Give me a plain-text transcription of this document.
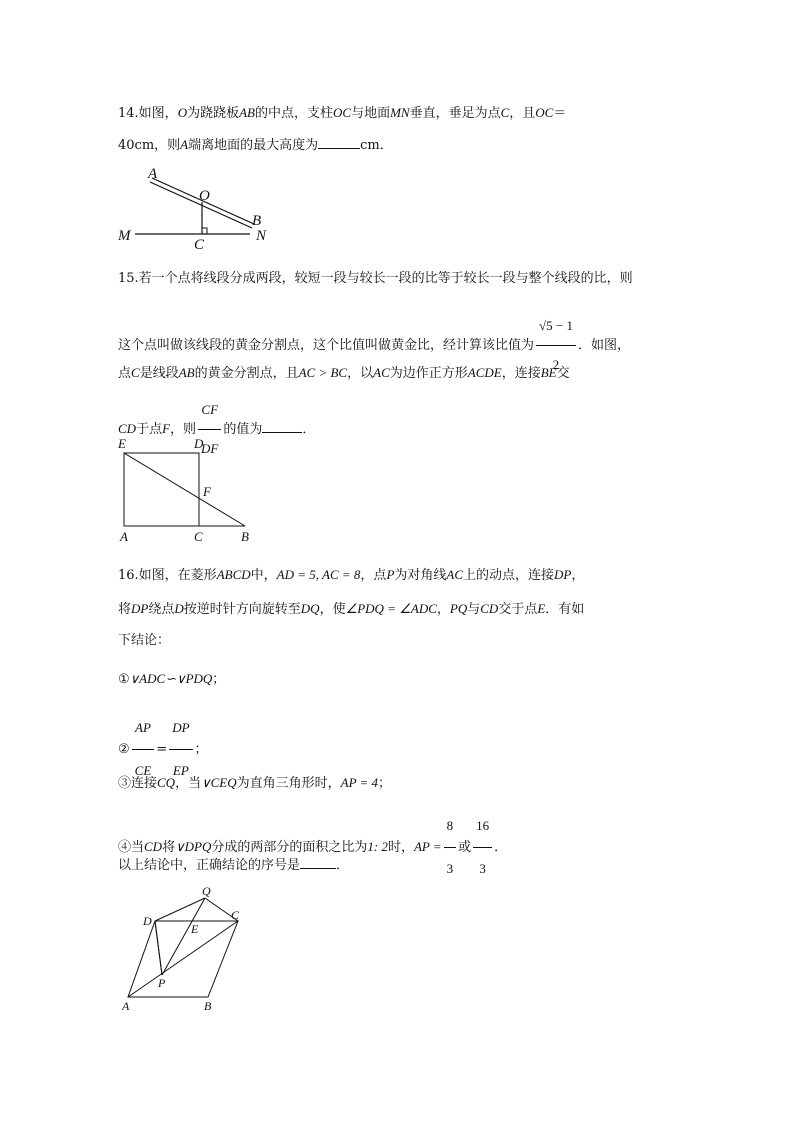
14.如图，O为跷跷板AB的中点，支柱OC与地面MN垂直，垂足为点C，且OC＝
40cm，则A端离地面的最大高度为	cm．
A
O
B
M
C
N
E	D
F
A	C	B
Q
D	C
E
P
A	B
15.若一个点将线段分成两段，较短一段与较长一段的比等于较长一段与整个线段的比，则
这个点叫做该线段的黄金分割点，这个比值叫做黄金比，经计算该比值为 $\frac{√5 - 1}{2}$ ．如图，
点C是线段AB的黄金分割点，且AC > BC，以AC为边作正方形ACDE，连接BE交
CD于点F，则 $\frac{CF}{DF}$ 的值为	．
16.如图，在菱形ABCD中，AD = 5, AC = 8，点P为对角线AC上的动点，连接DP，
将DP绕点D按逆时针方向旋转至DQ，使∠PDQ = ∠ADC，PQ与CD交于点E．有如
下结论：
①∨ADC∽∨PDQ；
② $\frac{AP}{CE} = \frac{DP}{EP}$ ；
③连接CQ，当∨CEQ为直角三角形时，AP = 4；
④当CD将∨DPQ分成的两部分的面积之比为1: 2时，AP = $\frac{8}{3}$ 或 $\frac{16}{3}$ ．
以上结论中，正确结论的序号是	．
